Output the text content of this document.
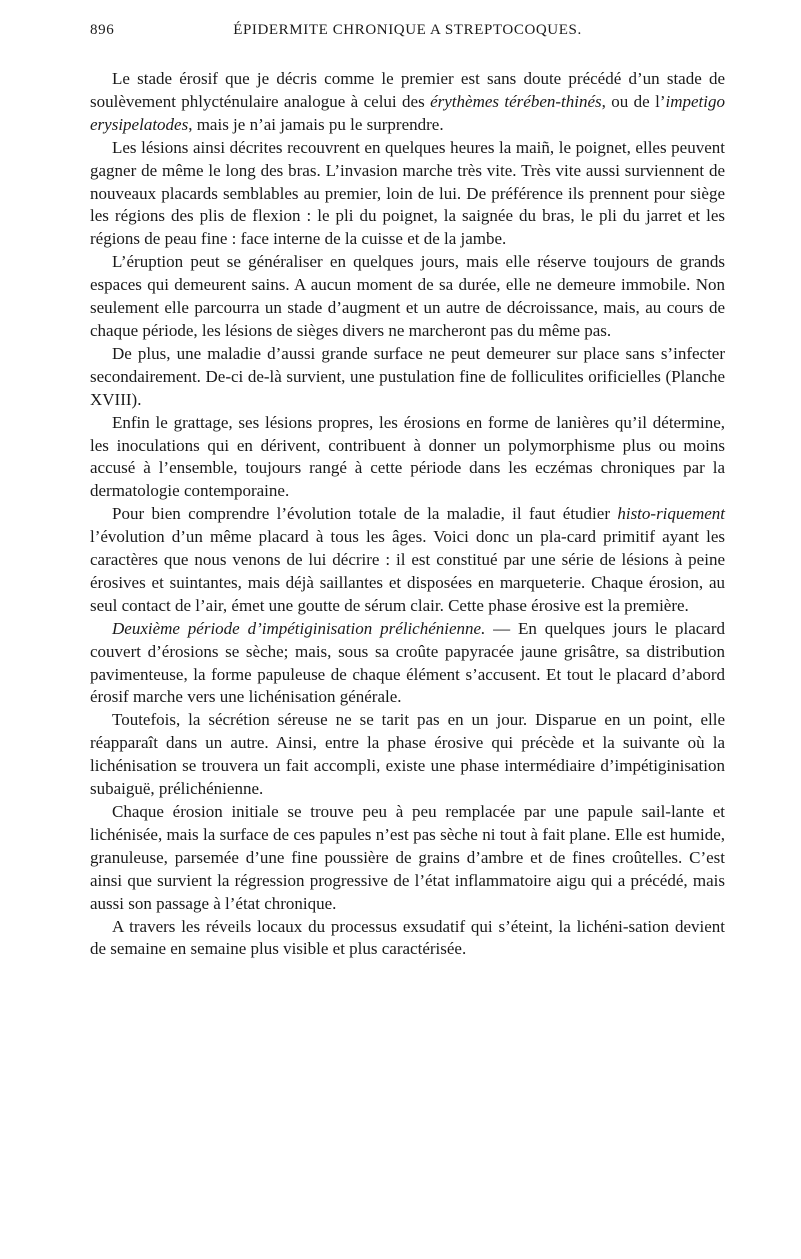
896	ÉPIDERMITE CHRONIQUE A STREPTOCOQUES.

Le stade érosif que je décris comme le premier est sans doute précédé d’un stade de soulèvement phlycténulaire analogue à celui des érythèmes térében-thinés, ou de l’impetigo erysipelatodes, mais je n’ai jamais pu le surprendre.

Les lésions ainsi décrites recouvrent en quelques heures la maiñ, le poignet, elles peuvent gagner de même le long des bras. L’invasion marche très vite. Très vite aussi surviennent de nouveaux placards semblables au premier, loin de lui. De préférence ils prennent pour siège les régions des plis de flexion : le pli du poignet, la saignée du bras, le pli du jarret et les régions de peau fine : face interne de la cuisse et de la jambe.

L’éruption peut se généraliser en quelques jours, mais elle réserve toujours de grands espaces qui demeurent sains. A aucun moment de sa durée, elle ne demeure immobile. Non seulement elle parcourra un stade d’augment et un autre de décroissance, mais, au cours de chaque période, les lésions de sièges divers ne marcheront pas du même pas.

De plus, une maladie d’aussi grande surface ne peut demeurer sur place sans s’infecter secondairement. De-ci de-là survient, une pustulation fine de folliculites orificielles (Planche XVIII).

Enfin le grattage, ses lésions propres, les érosions en forme de lanières qu’il détermine, les inoculations qui en dérivent, contribuent à donner un polymorphisme plus ou moins accusé à l’ensemble, toujours rangé à cette période dans les eczémas chroniques par la dermatologie contemporaine.

Pour bien comprendre l’évolution totale de la maladie, il faut étudier histo-riquement l’évolution d’un même placard à tous les âges. Voici donc un pla-card primitif ayant les caractères que nous venons de lui décrire : il est constitué par une série de lésions à peine érosives et suintantes, mais déjà saillantes et disposées en marqueterie. Chaque érosion, au seul contact de l’air, émet une goutte de sérum clair. Cette phase érosive est la première.

Deuxième période d’impétiginisation prélichénienne. — En quelques jours le placard couvert d’érosions se sèche; mais, sous sa croûte papyracée jaune grisâtre, sa distribution pavimenteuse, la forme papuleuse de chaque élément s’accusent. Et tout le placard d’abord érosif marche vers une lichénisation générale.

Toutefois, la sécrétion séreuse ne se tarit pas en un jour. Disparue en un point, elle réapparaît dans un autre. Ainsi, entre la phase érosive qui précède et la suivante où la lichénisation se trouvera un fait accompli, existe une phase intermédiaire d’impétiginisation subaiguë, prélichénienne.

Chaque érosion initiale se trouve peu à peu remplacée par une papule sail-lante et lichénisée, mais la surface de ces papules n’est pas sèche ni tout à fait plane. Elle est humide, granuleuse, parsemée d’une fine poussière de grains d’ambre et de fines croûtelles. C’est ainsi que survient la régression progressive de l’état inflammatoire aigu qui a précédé, mais aussi son passage à l’état chronique.

A travers les réveils locaux du processus exsudatif qui s’éteint, la lichéni-sation devient de semaine en semaine plus visible et plus caractérisée.
